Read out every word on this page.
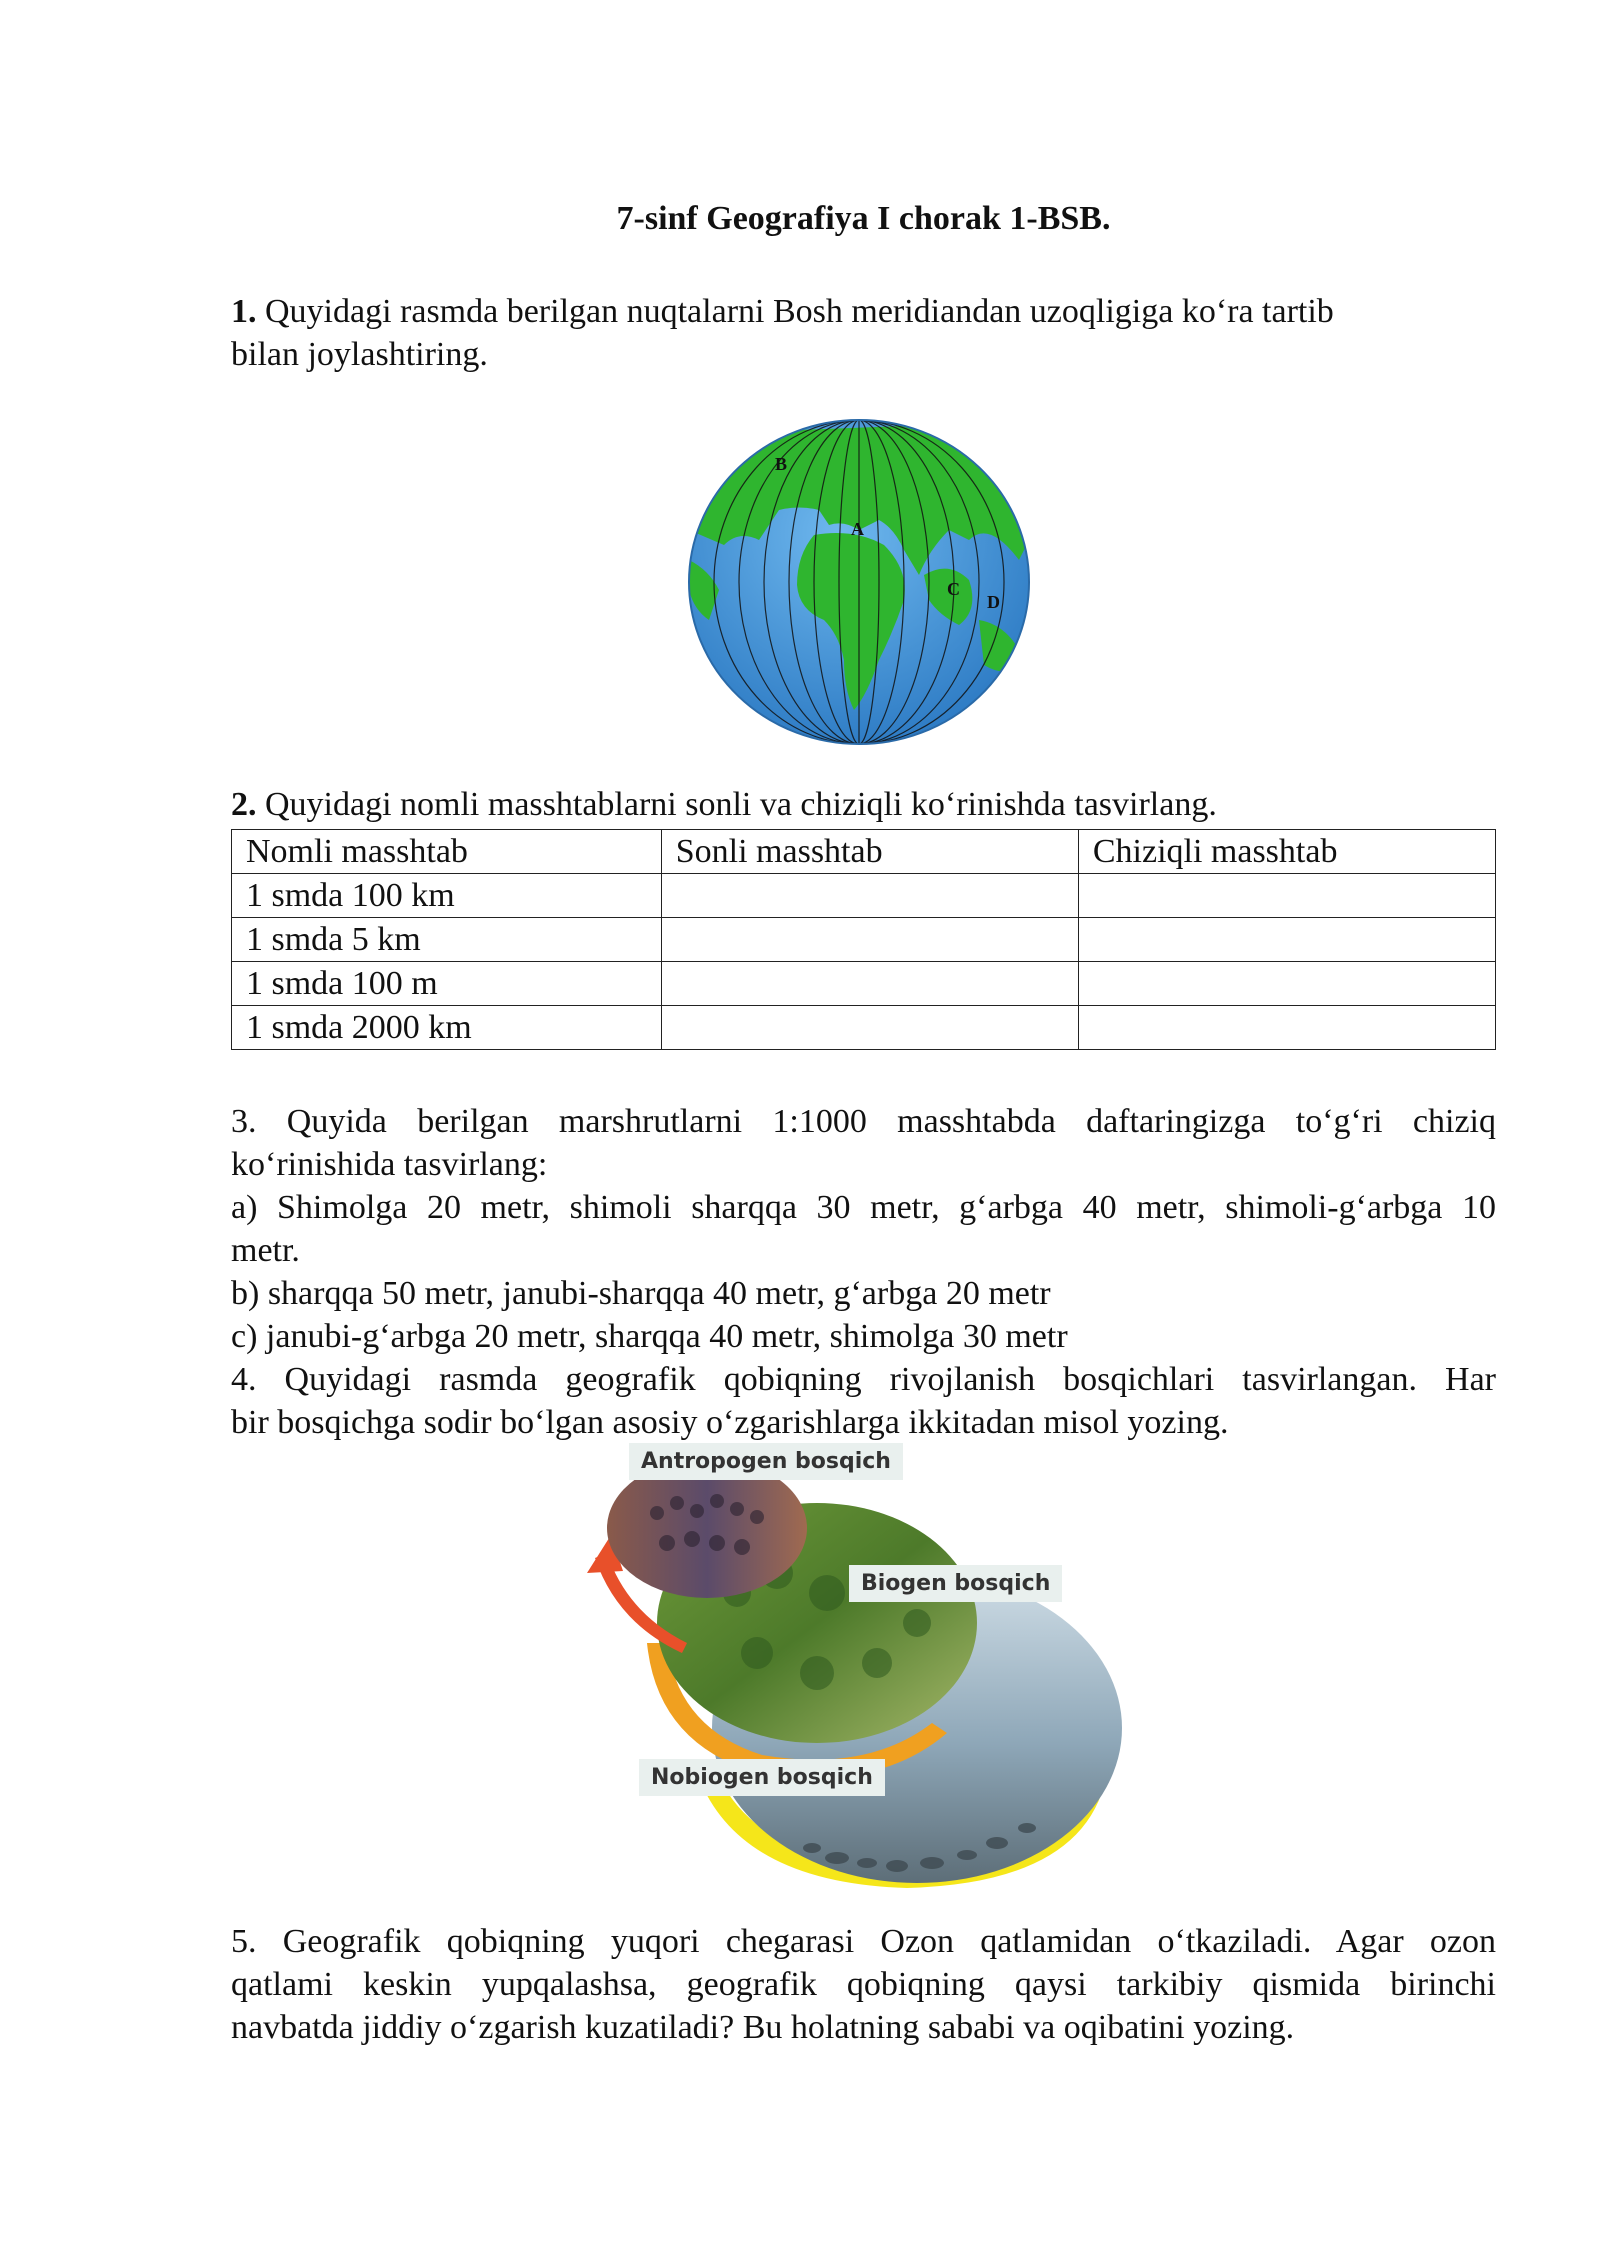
7-sinf Geografiya I chorak 1-BSB.
1. Quyidagi rasmda berilgan nuqtalarni Bosh meridiandan uzoqligiga ko‘ra tartib
bilan joylashtiring.
B
A
C
D
2. Quyidagi nomli masshtablarni sonli va chiziqli ko‘rinishda tasvirlang.
Nomli masshtab	Sonli masshtab	Chiziqli masshtab
1 smda 100 km		
1 smda 5 km		
1 smda 100 m		
1 smda 2000 km		
3. Quyida berilgan marshrutlarni 1:1000 masshtabda daftaringizga to‘g‘ri chiziq
ko‘rinishida tasvirlang:
a) Shimolga 20 metr, shimoli sharqqa 30 metr, g‘arbga 40 metr, shimoli-g‘arbga 10
metr.
b) sharqqa 50 metr, janubi-sharqqa 40 metr, g‘arbga 20 metr
c) janubi-g‘arbga 20 metr, sharqqa 40 metr, shimolga 30 metr
4. Quyidagi rasmda geografik qobiqning rivojlanish bosqichlari tasvirlangan. Har
bir bosqichga sodir bo‘lgan asosiy o‘zgarishlarga ikkitadan misol yozing.
Antropogen bosqich
Biogen bosqich
Nobiogen bosqich
5. Geografik qobiqning yuqori chegarasi Ozon qatlamidan o‘tkaziladi. Agar ozon
qatlami keskin yupqalashsa, geografik qobiqning qaysi tarkibiy qismida birinchi
navbatda jiddiy o‘zgarish kuzatiladi? Bu holatning sababi va oqibatini yozing.
